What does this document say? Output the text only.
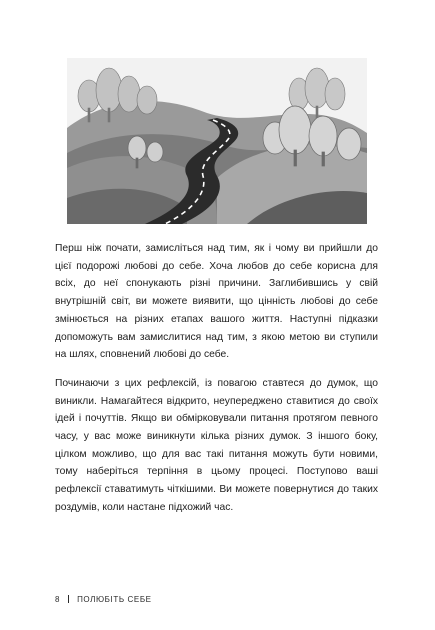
Перш ніж почати, замисліться над тим, як і чому ви прийшли до цієї подорожі любові до себе. Хоча любов до себе корисна для всіх, до неї спонукають різні причини. Заглибившись у свій внутрішній світ, ви можете виявити, що цінність любові до себе змінюється на різних етапах вашого життя. Наступні підказки допоможуть вам замислитися над тим, з якою метою ви ступили на шлях, сповнений любові до себе.

Починаючи з цих рефлексій, із повагою ставтеся до думок, що виникли. Намагайтеся відкрито, неупереджено ставитися до своїх ідей і почуттів. Якщо ви обмірковували питання протягом певного часу, у вас може виникнути кілька різних думок. З іншого боку, цілком можливо, що для вас такі питання можуть бути новими, тому наберіться терпіння в цьому процесі. Поступово ваші рефлексії ставатимуть чіткішими. Ви можете повернутися до таких роздумів, коли настане підхожий час.

8 ПОЛЮБІТЬ СЕБЕ
